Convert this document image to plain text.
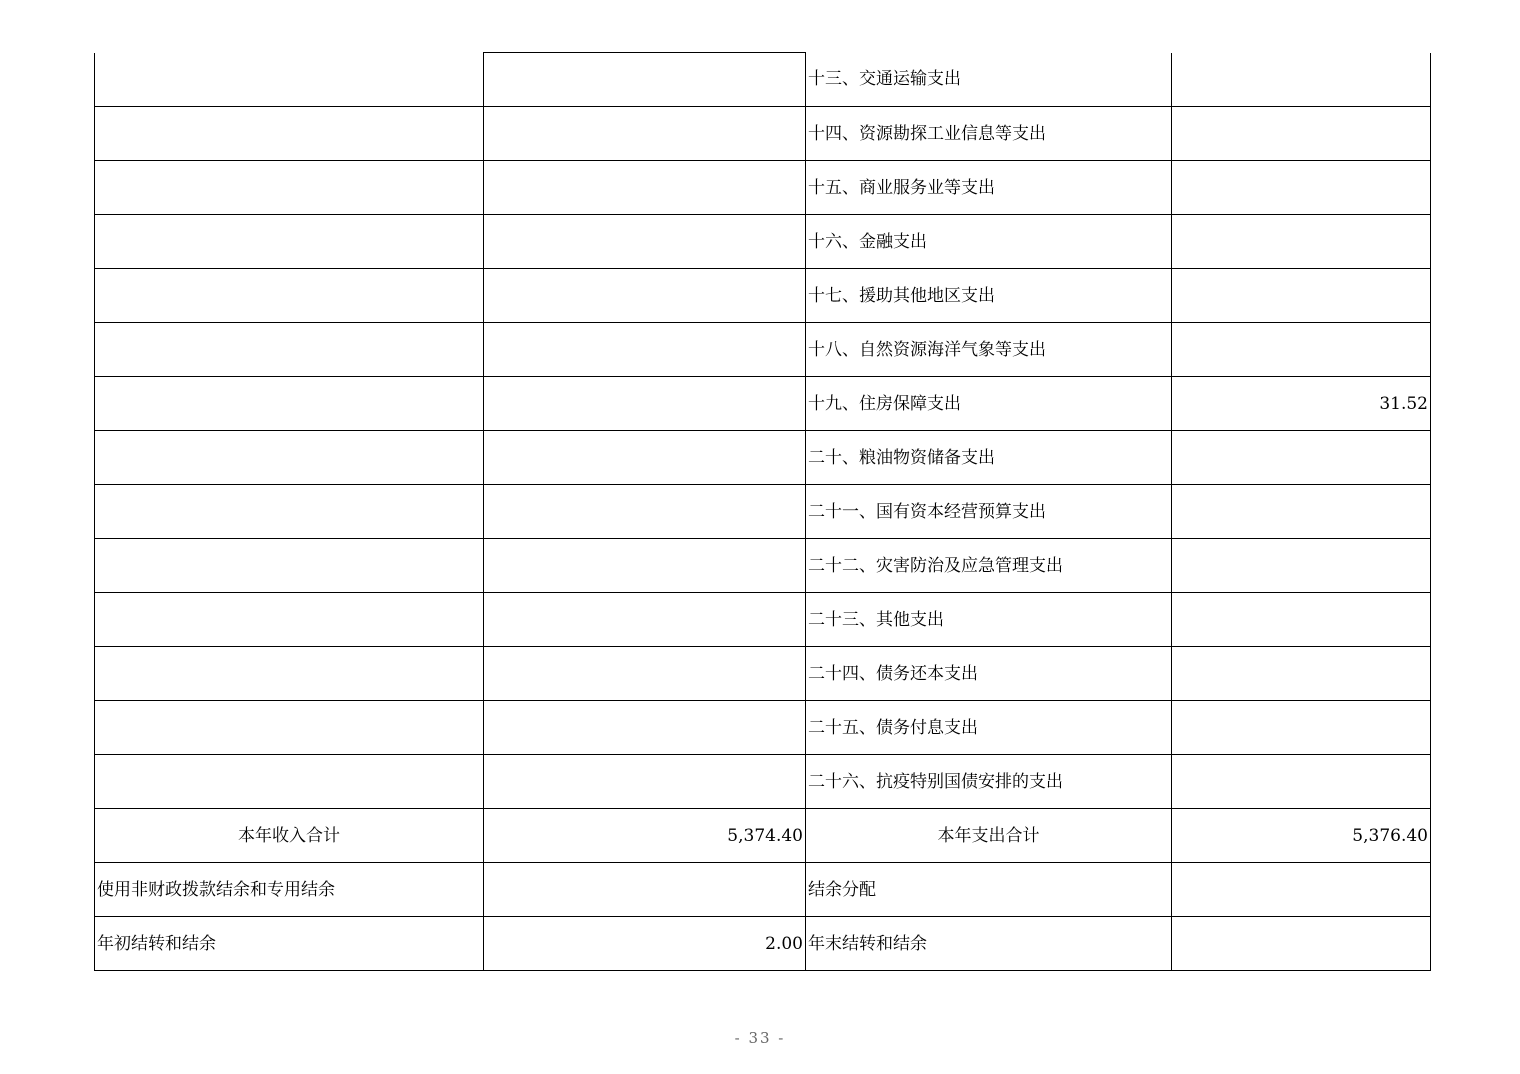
		十三、交通运输支出	
		十四、资源勘探工业信息等支出	
		十五、商业服务业等支出	
		十六、金融支出	
		十七、援助其他地区支出	
		十八、自然资源海洋气象等支出	
		十九、住房保障支出	31.52
		二十、粮油物资储备支出	
		二十一、国有资本经营预算支出	
		二十二、灾害防治及应急管理支出	
		二十三、其他支出	
		二十四、债务还本支出	
		二十五、债务付息支出	
		二十六、抗疫特别国债安排的支出	
本年收入合计	5,374.40	本年支出合计	5,376.40
使用非财政拨款结余和专用结余		结余分配	
年初结转和结余	2.00	年末结转和结余	
- 33 -
